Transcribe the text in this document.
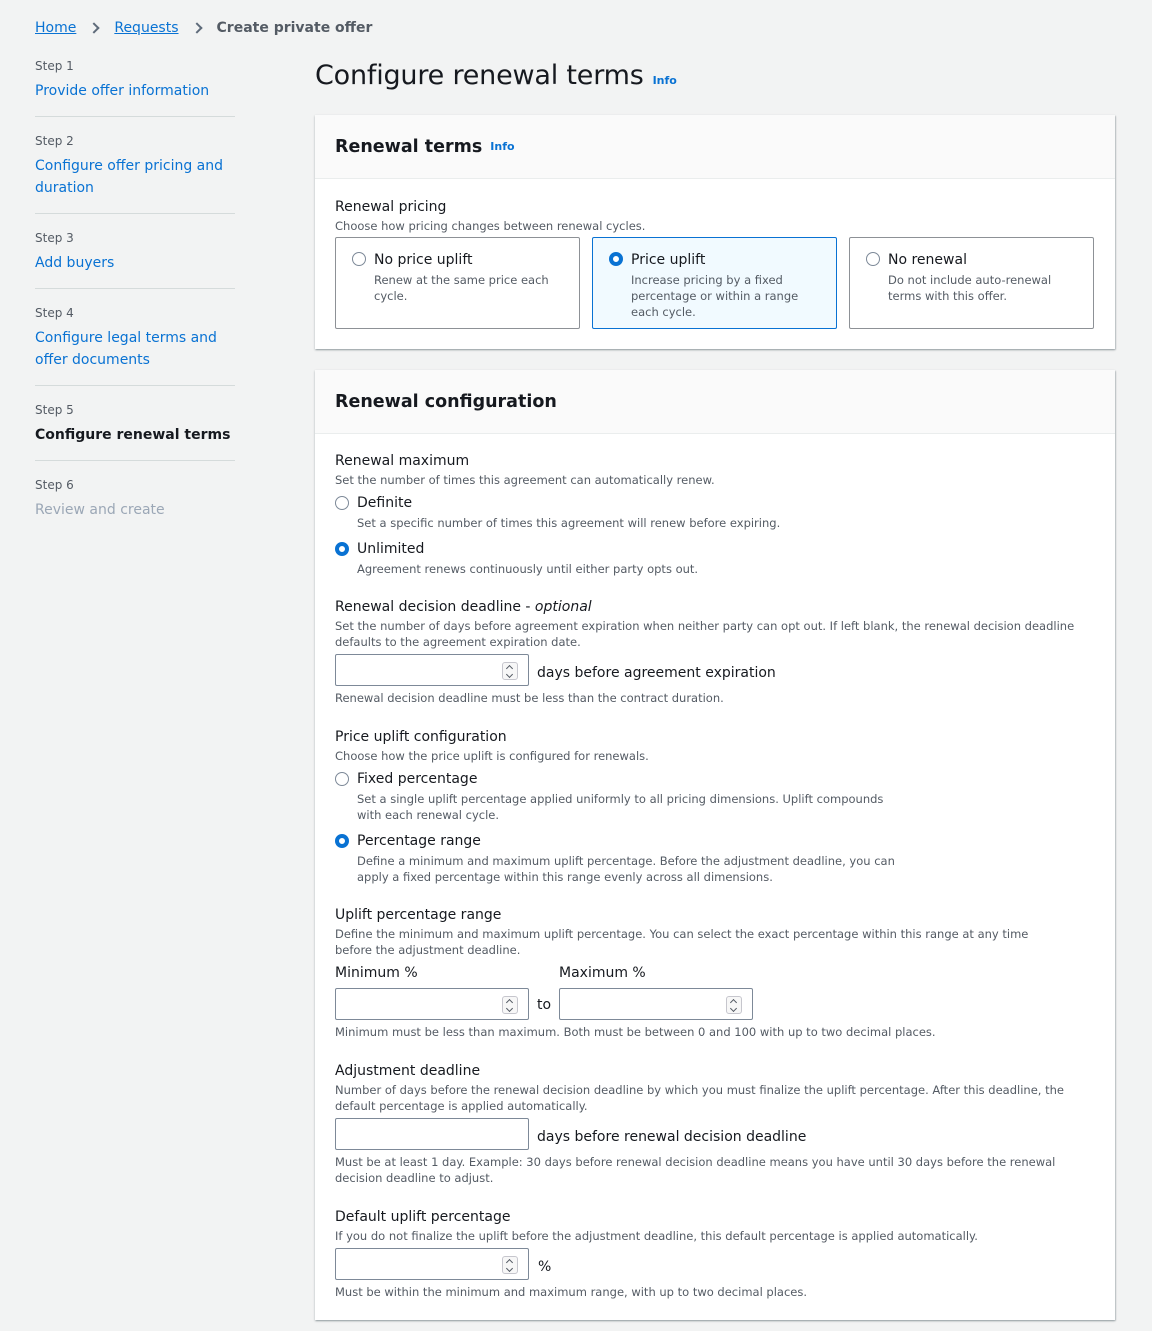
Home	Requests	Create private offer
Step 1
Provide offer information
Step 2
Configure offer pricing and duration
Step 3
Add buyers
Step 4
Configure legal terms and offer documents
Step 5
Configure renewal terms
Step 6
Review and create
Configure renewal terms Info
Renewal terms Info
Renewal pricing
Choose how pricing changes between renewal cycles.
No price uplift
Renew at the same price each cycle.
Price uplift
Increase pricing by a fixed percentage or within a range each cycle.
No renewal
Do not include auto-renewal terms with this offer.
Renewal configuration
Renewal maximum
Set the number of times this agreement can automatically renew.
Definite
Set a specific number of times this agreement will renew before expiring.
Unlimited
Agreement renews continuously until either party opts out.
Renewal decision deadline - optional
Set the number of days before agreement expiration when neither party can opt out. If left blank, the renewal decision deadline defaults to the agreement expiration date.
days before agreement expiration
Renewal decision deadline must be less than the contract duration.
Price uplift configuration
Choose how the price uplift is configured for renewals.
Fixed percentage
Set a single uplift percentage applied uniformly to all pricing dimensions. Uplift compounds with each renewal cycle.
Percentage range
Define a minimum and maximum uplift percentage. Before the adjustment deadline, you can apply a fixed percentage within this range evenly across all dimensions.
Uplift percentage range
Define the minimum and maximum uplift percentage. You can select the exact percentage within this range at any time before the adjustment deadline.
Minimum %	Maximum %
to
Minimum must be less than maximum. Both must be between 0 and 100 with up to two decimal places.
Adjustment deadline
Number of days before the renewal decision deadline by which you must finalize the uplift percentage. After this deadline, the default percentage is applied automatically.
days before renewal decision deadline
Must be at least 1 day. Example: 30 days before renewal decision deadline means you have until 30 days before the renewal decision deadline to adjust.
Default uplift percentage
If you do not finalize the uplift before the adjustment deadline, this default percentage is applied automatically.
%
Must be within the minimum and maximum range, with up to two decimal places.
